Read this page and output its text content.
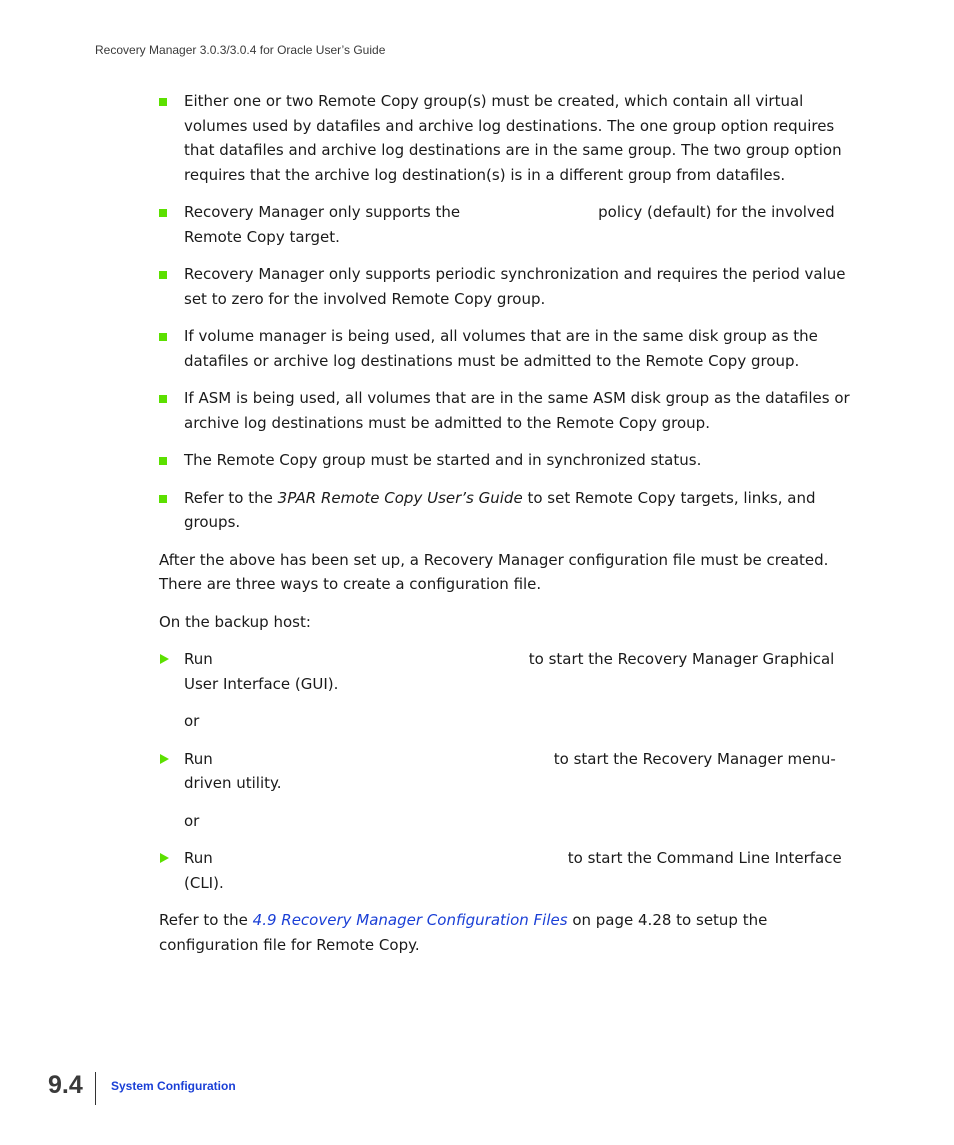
Recovery Manager 3.0.3/3.0.4 for Oracle User’s Guide
Either one or two Remote Copy group(s) must be created, which contain all virtual volumes used by datafiles and archive log destinations. The one group option requires that datafiles and archive log destinations are in the same group. The two group option requires that the archive log destination(s) is in a different group from datafiles.
Recovery Manager only supports the	policy (default) for the involved Remote Copy target.
Recovery Manager only supports periodic synchronization and requires the period value set to zero for the involved Remote Copy group.
If volume manager is being used, all volumes that are in the same disk group as the datafiles or archive log destinations must be admitted to the Remote Copy group.
If ASM is being used, all volumes that are in the same ASM disk group as the datafiles or archive log destinations must be admitted to the Remote Copy group.
The Remote Copy group must be started and in synchronized status.
Refer to the 3PAR Remote Copy User’s Guide to set Remote Copy targets, links, and groups.
After the above has been set up, a Recovery Manager configuration file must be created. There are three ways to create a configuration file.
On the backup host:
Run	to start the Recovery Manager Graphical User Interface (GUI).
or
Run	to start the Recovery Manager menu-driven utility.
or
Run	to start the Command Line Interface (CLI).
Refer to the 4.9 Recovery Manager Configuration Files on page 4.28 to setup the configuration file for Remote Copy.
9.4 System Configuration
